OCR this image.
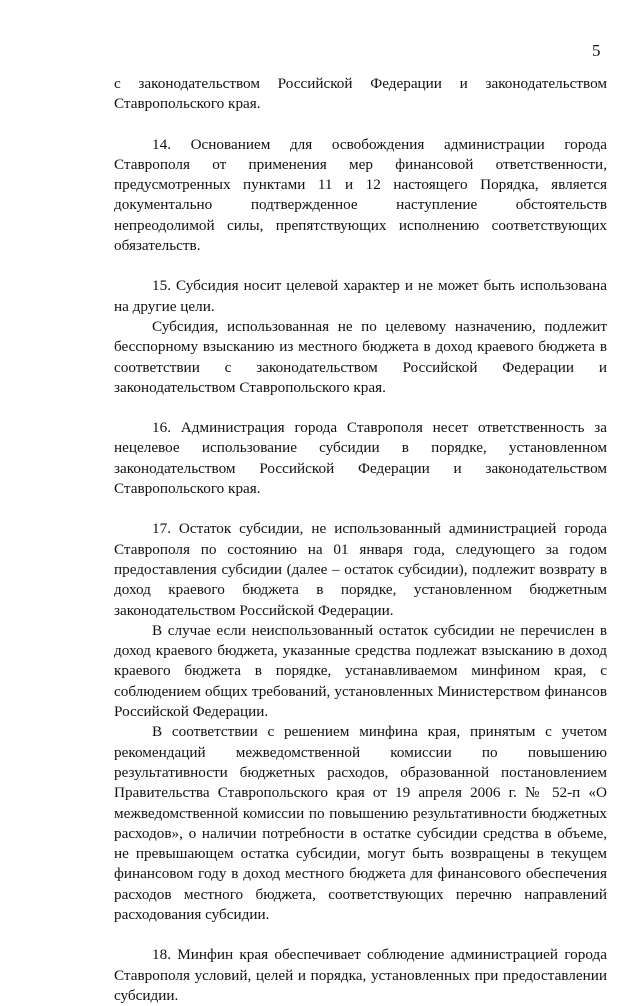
5

с законодательством Российской Федерации и законодательством Ставропольского края.

14. Основанием для освобождения администрации города Ставрополя от применения мер финансовой ответственности, предусмотренных пунктами 11 и 12 настоящего Порядка, является документально подтвержденное наступление обстоятельств непреодолимой силы, препятствующих исполнению соответствующих обязательств.

15. Субсидия носит целевой характер и не может быть использована на другие цели.

Субсидия, использованная не по целевому назначению, подлежит бесспорному взысканию из местного бюджета в доход краевого бюджета в соответствии с законодательством Российской Федерации и законодательством Ставропольского края.

16. Администрация города Ставрополя несет ответственность за нецелевое использование субсидии в порядке, установленном законодательством Российской Федерации и законодательством Ставропольского края.

17. Остаток субсидии, не использованный администрацией города Ставрополя по состоянию на 01 января года, следующего за годом предоставления субсидии (далее – остаток субсидии), подлежит возврату в доход краевого бюджета в порядке, установленном бюджетным законодательством Российской Федерации.

В случае если неиспользованный остаток субсидии не перечислен в доход краевого бюджета, указанные средства подлежат взысканию в доход краевого бюджета в порядке, устанавливаемом минфином края, с соблюдением общих требований, установленных Министерством финансов Российской Федерации.

В соответствии с решением минфина края, принятым с учетом рекомендаций межведомственной комиссии по повышению результативности бюджетных расходов, образованной постановлением Правительства Ставропольского края от 19 апреля 2006 г. № 52-п «О межведомственной комиссии по повышению результативности бюджетных расходов», о наличии потребности в остатке субсидии средства в объеме, не превышающем остатка субсидии, могут быть возвращены в текущем финансовом году в доход местного бюджета для финансового обеспечения расходов местного бюджета, соответствующих перечню направлений расходования субсидии.

18. Минфин края обеспечивает соблюдение администрацией города Ставрополя условий, целей и порядка, установленных при предоставлении субсидии.
